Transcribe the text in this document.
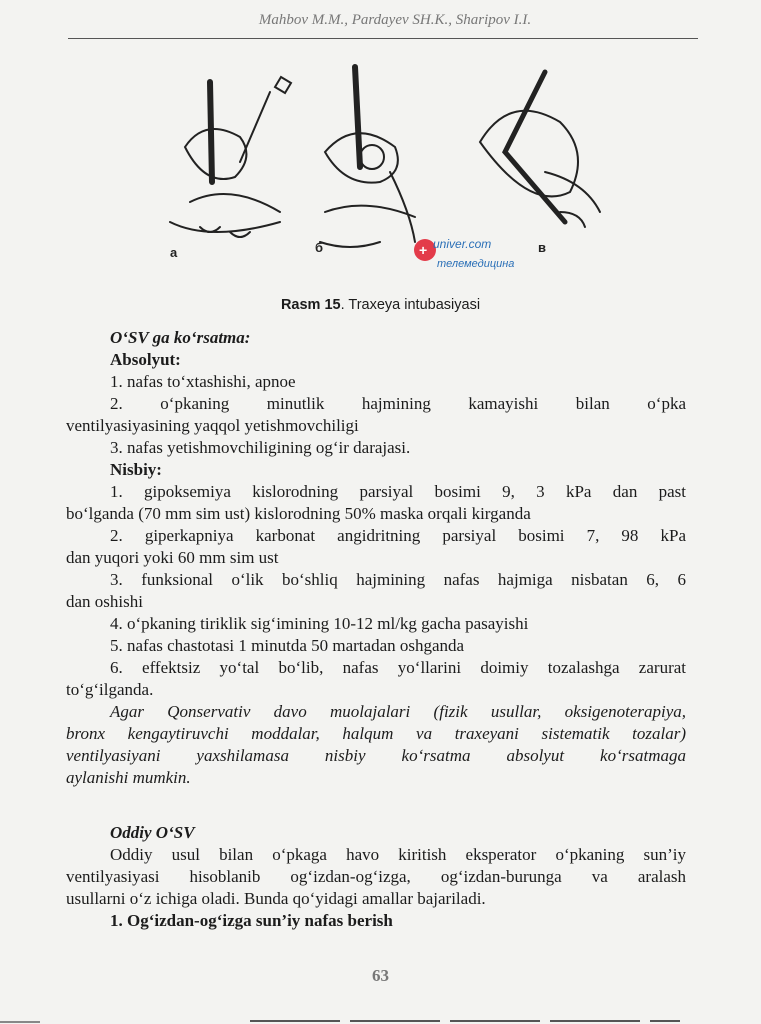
Mahbov M.M., Pardayev SH.K., Sharipov I.I.
a	б	в
+ univer.com
телемедицина
Rasm 15. Traxeya intubasiyasi
O‘SV ga ko‘rsatma:
Absolyut:
1. nafas to‘xtashishi, apnoe
2. o‘pkaning minutlik hajmining kamayishi bilan o‘pka
ventilyasiyasining yaqqol yetishmovchiligi
3. nafas yetishmovchiligining og‘ir darajasi.
Nisbiy:
1. gipoksemiya kislorodning parsiyal bosimi 9, 3 kPa dan past
bo‘lganda (70 mm sim ust) kislorodning 50% maska orqali kirganda
2. giperkapniya karbonat angidritning parsiyal bosimi 7, 98 kPa
dan yuqori yoki 60 mm sim ust
3. funksional o‘lik bo‘shliq hajmining nafas hajmiga nisbatan 6, 6
dan oshishi
4. o‘pkaning tiriklik sig‘imining 10-12 ml/kg gacha pasayishi
5. nafas chastotasi 1 minutda 50 martadan oshganda
6. effektsiz yo‘tal bo‘lib, nafas yo‘llarini doimiy tozalashga zarurat
to‘g‘ilganda.
Agar Qonservativ davo muolajalari (fizik usullar, oksigenoterapiya,
bronx kengaytiruvchi moddalar, halqum va traxeyani sistematik tozalar)
ventilyasiyani yaxshilamasa nisbiy ko‘rsatma absolyut ko‘rsatmaga
aylanishi mumkin.
Oddiy O‘SV
Oddiy usul bilan o‘pkaga havo kiritish eksperator o‘pkaning sun’iy
ventilyasiyasi hisoblanib og‘izdan-og‘izga, og‘izdan-burunga va aralash
usullarni o‘z ichiga oladi. Bunda qo‘yidagi amallar bajariladi.
1. Og‘izdan-og‘izga sun’iy nafas berish
63
